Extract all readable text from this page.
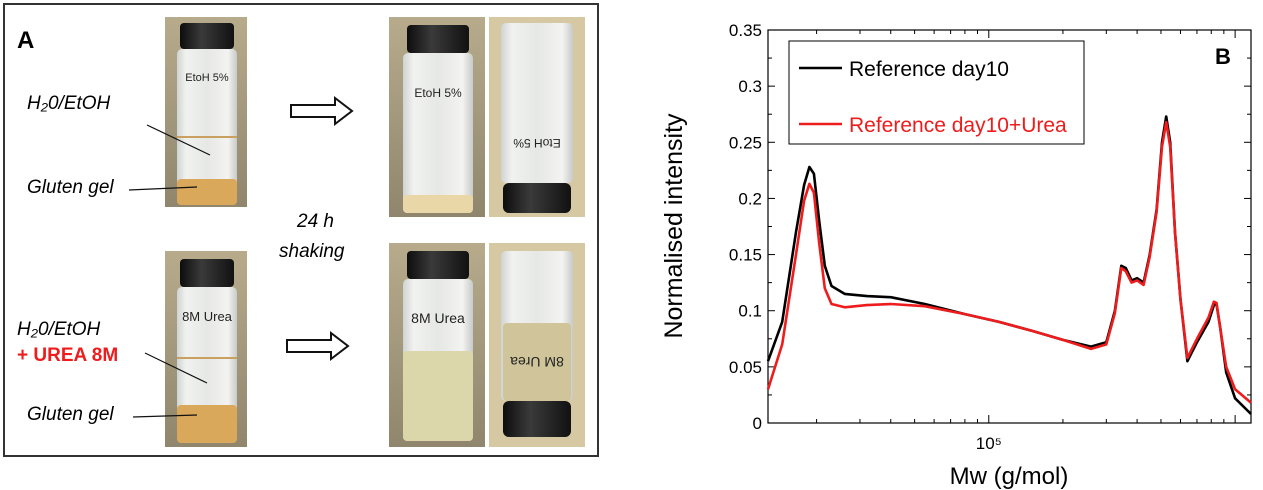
A
EtoH 5%
EtoH 5%
EtoH 5%
8M Urea	8M Urea
8M Urea
H₂0/EtOH
Gluten gel
24 h
shaking
H₂0/EtOH
+ UREA 8M
Gluten gel	0
0.05
0.1
0.15
0.2
0.25
0.3
0.35
10⁵
B
Normalised intensity
Mw (g/mol)
Reference day10
Reference day10+Urea
